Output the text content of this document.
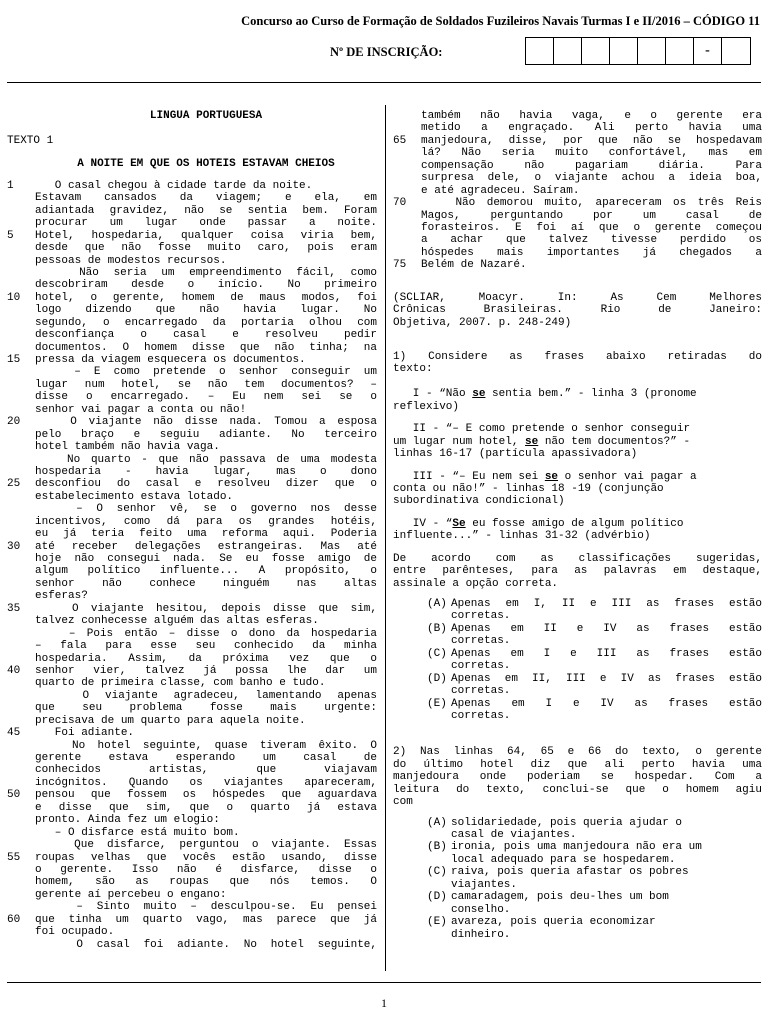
Concurso ao Curso de Formação de Soldados Fuzileiros Navais Turmas I e II/2016 – CÓDIGO 11
Nº DE INSCRIÇÃO:	-
LÍNGUA PORTUGUESA
TEXTO 1
A NOITE EM QUE OS HOTÉIS ESTAVAM CHEIOS
1	O casal chegou à cidade tarde da noite.
Estavam cansados da viagem; e ela, em
adiantada gravidez, não se sentia bem. Foram
procurar um lugar onde passar a noite.
5	Hotel, hospedaria, qualquer coisa viria bem,
desde que não fosse muito caro, pois eram
pessoas de modestos recursos.
Não seria um empreendimento fácil, como
descobriram desde o início. No primeiro
10	hotel, o gerente, homem de maus modos, foi
logo dizendo que não havia lugar. No
segundo, o encarregado da portaria olhou com
desconfiança o casal e resolveu pedir
documentos. O homem disse que não tinha; na
15	pressa da viagem esquecera os documentos.
– E como pretende o senhor conseguir um
lugar num hotel, se não tem documentos? –
disse o encarregado. – Eu nem sei se o
senhor vai pagar a conta ou não!
20	O viajante não disse nada. Tomou a esposa
pelo braço e seguiu adiante. No terceiro
hotel também não havia vaga.
No quarto - que não passava de uma modesta
hospedaria - havia lugar, mas o dono
25	desconfiou do casal e resolveu dizer que o
estabelecimento estava lotado.
– O senhor vê, se o governo nos desse
incentivos, como dá para os grandes hotéis,
eu já teria feito uma reforma aqui. Poderia
30	até receber delegações estrangeiras. Mas até
hoje não consegui nada. Se eu fosse amigo de
algum político influente... À propósito, o
senhor não conhece ninguém nas altas
esferas?
35	O viajante hesitou, depois disse que sim,
talvez conhecesse alguém das altas esferas.
– Pois então – disse o dono da hospedaria
– fala para esse seu conhecido da minha
hospedaria. Assim, da próxima vez que o
40	senhor vier, talvez já possa lhe dar um
quarto de primeira classe, com banho e tudo.
O viajante agradeceu, lamentando apenas
que seu problema fosse mais urgente:
precisava de um quarto para aquela noite.
45	Foi adiante.
No hotel seguinte, quase tiveram êxito. O
gerente estava esperando um casal de
conhecidos artistas, que viajavam
incógnitos. Quando os viajantes apareceram,
50	pensou que fossem os hóspedes que aguardava
e disse que sim, que o quarto já estava
pronto. Ainda fez um elogio:
– O disfarce está muito bom.
Que disfarce, perguntou o viajante. Essas
55	roupas velhas que vocês estão usando, disse
o gerente. Isso não é disfarce, disse o
homem, são as roupas que nós temos. O
gerente aí percebeu o engano:
– Sinto muito – desculpou-se. Eu pensei
60	que tinha um quarto vago, mas parece que já
foi ocupado.
O casal foi adiante. No hotel seguinte,
também não havia vaga, e o gerente era
metido a engraçado. Ali perto havia uma
65	manjedoura, disse, por que não se hospedavam
lá? Não seria muito confortável, mas em
compensação não pagariam diária. Para
surpresa dele, o viajante achou a ideia boa,
e até agradeceu. Saíram.
70	Não demorou muito, apareceram os três Reis
Magos, perguntando por um casal de
forasteiros. E foi aí que o gerente começou
a achar que talvez tivesse perdido os
hóspedes mais importantes já chegados a
75	Belém de Nazaré.
(SCLIAR, Moacyr. In: As Cem Melhores
Crônicas Brasileiras. Rio de Janeiro:
Objetiva, 2007. p. 248-249)
1) Considere as frases abaixo retiradas do
texto:
I - “Não se sentia bem.” - linha 3 (pronome
reflexivo)
II - “– E como pretende o senhor conseguir
um lugar num hotel, se não tem documentos?” -
linhas 16-17 (partícula apassivadora)
III - “– Eu nem sei se o senhor vai pagar a
conta ou não!” - linhas 18 -19 (conjunção
subordinativa condicional)
IV - “Se eu fosse amigo de algum político
influente...” - linhas 31-32 (advérbio)
De acordo com as classificações sugeridas,
entre parênteses, para as palavras em destaque,
assinale a opção correta.
(A) Apenas em I, II e III as frases estão
corretas.
(B) Apenas em II e IV as frases estão
corretas.
(C) Apenas em I e III as frases estão
corretas.
(D) Apenas em II, III e IV as frases estão
corretas.
(E) Apenas em I e IV as frases estão
corretas.
2) Nas linhas 64, 65 e 66 do texto, o gerente
do último hotel diz que ali perto havia uma
manjedoura onde poderiam se hospedar. Com a
leitura do texto, conclui-se que o homem agiu
com
(A) solidariedade, pois queria ajudar o
casal de viajantes.
(B) ironia, pois uma manjedoura não era um
local adequado para se hospedarem.
(C) raiva, pois queria afastar os pobres
viajantes.
(D) camaradagem, pois deu-lhes um bom
conselho.
(E) avareza, pois queria economizar
dinheiro.
1
